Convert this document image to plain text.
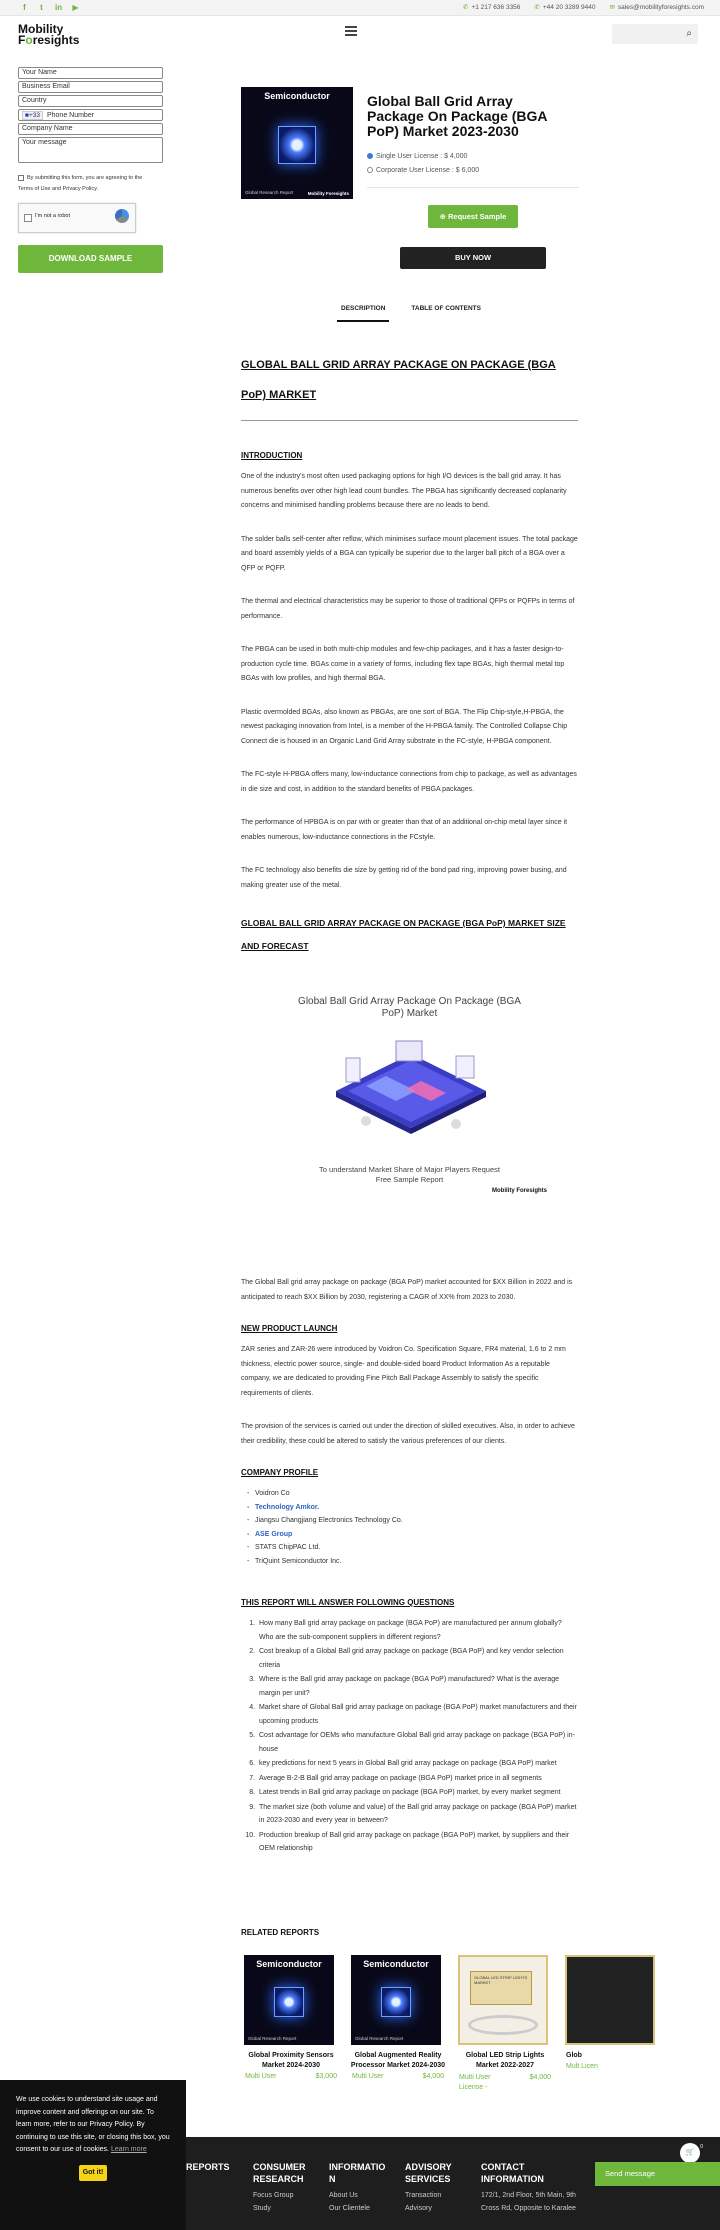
f	t	in ▶	✆ +1 217 636 3356 ✆ +44 20 3289 9440 ✉ sales@mobilityforesights.com
Mobility
Foresights	⌕
Your Name
Business Email
Country
■+33	Phone Number
Company Name
Your message
By submitting this form, you are agreeing to the
Terms of Use and Privacy Policy.
I'm not a robot
DOWNLOAD SAMPLE
Semiconductor
Global Research Report	Mobility Foresights
Global Ball Grid Array Package On Package (BGA PoP) Market 2023-2030
Single User License : $ 4,000
Corporate User License : $ 6,000
⊕ Request Sample
BUY NOW
DESCRIPTION	TABLE OF CONTENTS
GLOBAL BALL GRID ARRAY PACKAGE ON PACKAGE (BGA PoP) MARKET
INTRODUCTION

One of the industry's most often used packaging options for high I/O devices is the ball grid array. It has numerous benefits over other high lead count bundles. The PBGA has significantly decreased coplanarity concerns and minimised handling problems because there are no leads to bend.

The solder balls self-center after reflow, which minimises surface mount placement issues. The total package and board assembly yields of a BGA can typically be superior due to the larger ball pitch of a BGA over a QFP or PQFP.

The thermal and electrical characteristics may be superior to those of traditional QFPs or PQFPs in terms of performance.

The PBGA can be used in both multi-chip modules and few-chip packages, and it has a faster design-to-production cycle time. BGAs come in a variety of forms, including flex tape BGAs, high thermal metal top BGAs with low profiles, and high thermal BGA.

Plastic overmolded BGAs, also known as PBGAs, are one sort of BGA. The Flip Chip-style,H-PBGA, the newest packaging innovation from Intel, is a member of the H-PBGA family. The Controlled Collapse Chip Connect die is housed in an Organic Land Grid Array substrate in the FC-style, H-PBGA component.

The FC-style H-PBGA offers many, low-inductance connections from chip to package, as well as advantages in die size and cost, in addition to the standard benefits of PBGA packages.

The performance of HPBGA is on par with or greater than that of an additional on-chip metal layer since it enables numerous, low-inductance connections in the FCstyle.

The FC technology also benefits die size by getting rid of the bond pad ring, improving power busing, and making greater use of the metal.

GLOBAL BALL GRID ARRAY PACKAGE ON PACKAGE (BGA PoP) MARKET SIZE AND FORECAST
Global Ball Grid Array Package On Package (BGA PoP) Market
To understand Market Share of Major Players Request Free Sample Report
Mobility Foresights

The Global Ball grid array package on package (BGA PoP) market accounted for $XX Billion in 2022 and is anticipated to reach $XX Billion by 2030, registering a CAGR of XX% from 2023 to 2030.

NEW PRODUCT LAUNCH

ZAR series and ZAR-26 were introduced by Voidron Co. Specification Square, FR4 material, 1.6 to 2 mm thickness, electric power source, single- and double-sided board Product Information As a reputable company, we are dedicated to providing Fine Pitch Ball Package Assembly to satisfy the specific requirements of clients.

The provision of the services is carried out under the direction of skilled executives. Also, in order to achieve their credibility, these could be altered to satisfy the various preferences of our clients.

COMPANY PROFILE
- Voidron Co
- Technology Amkor.
- Jiangsu Changjiang Electronics Technology Co.
- ASE Group
- STATS ChipPAC Ltd.
- TriQuint Semiconductor Inc.
THIS REPORT WILL ANSWER FOLLOWING QUESTIONS
1. How many Ball grid array package on package (BGA PoP) are manufactured per annum globally? Who are the sub-component suppliers in different regions?
2. Cost breakup of a Global Ball grid array package on package (BGA PoP) and key vendor selection criteria
3. Where is the Ball grid array package on package (BGA PoP) manufactured? What is the average margin per unit?
4. Market share of Global Ball grid array package on package (BGA PoP) market manufacturers and their upcoming products
5. Cost advantage for OEMs who manufacture Global Ball grid array package on package (BGA PoP) in-house
6. key predictions for next 5 years in Global Ball grid array package on package (BGA PoP) market
7. Average B-2-B Ball grid array package on package (BGA PoP) market price in all segments
8. Latest trends in Ball grid array package on package (BGA PoP) market, by every market segment
9. The market size (both volume and value) of the Ball grid array package on package (BGA PoP) market in 2023-2030 and every year in between?
10. Production breakup of Ball grid array package on package (BGA PoP) market, by suppliers and their OEM relationship
RELATED REPORTS
Semiconductor
Global Research Report
Global Proximity Sensors Market 2024-2030
Multi User	$3,000
Semiconductor
Global Research Report
Global Augmented Reality Processor Market 2024-2030
Multi User	$4,000
GLOBAL LED STRIP LIGHTS MARKET
Global LED Strip Lights Market 2022-2027
Multi User License -
$4,000
Glob
Mult Licen
REPORTS	CONSUMER RESEARCH
Focus Group
Study
INFORMATION
About Us
Our Clientele
ADVISORY SERVICES
Transaction
Advisory
CONTACT INFORMATION
172/1, 2nd Floor, 5th Main, 9th
Cross Rd, Opposite to Karalee
🛒
0
Send message
We use cookies to understand site usage and improve content and offerings on our site. To learn more, refer to our Privacy Policy. By continuing to use this site, or closing this box, you consent to our use of cookies. Learn more
Got it!
